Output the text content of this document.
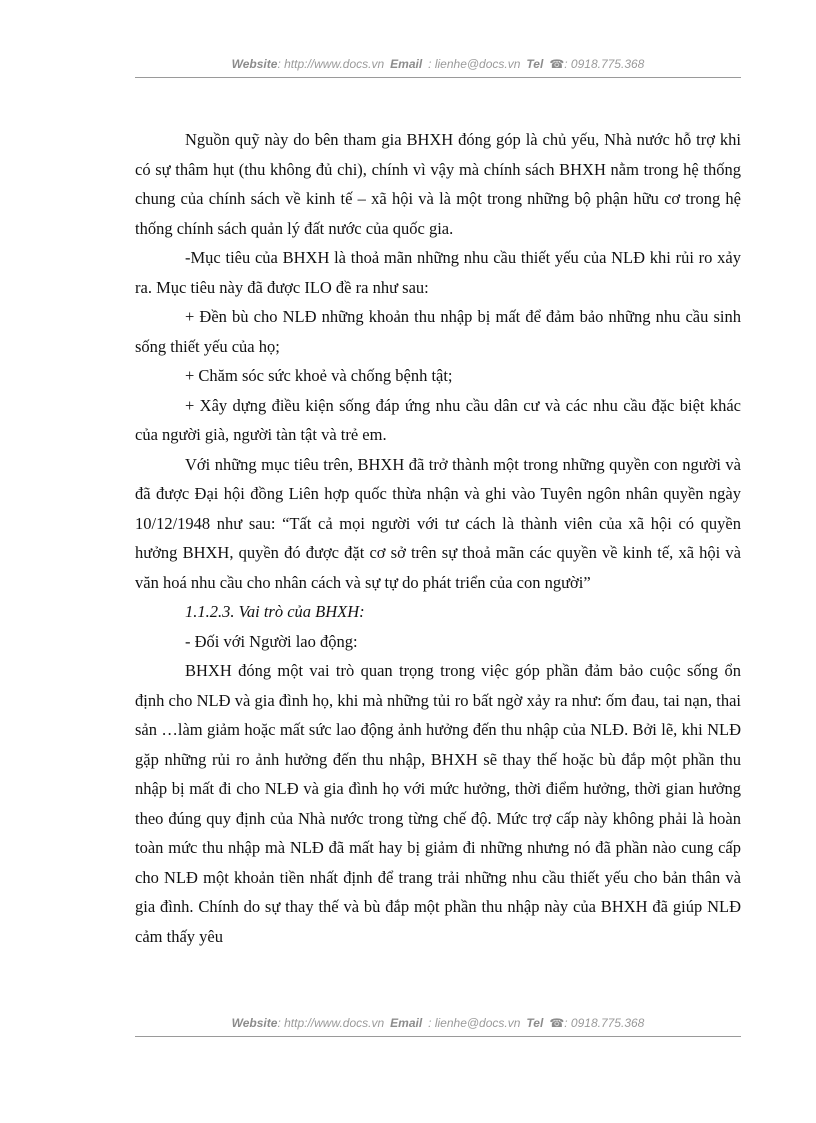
Website: http://www.docs.vn Email : lienhe@docs.vn Tel ☎: 0918.775.368

Nguồn quỹ này do bên tham gia BHXH đóng góp là chủ yếu, Nhà nước hỗ trợ khi có sự thâm hụt (thu không đủ chi), chính vì vậy mà chính sách BHXH nằm trong hệ thống chung của chính sách về kinh tế – xã hội và là một trong những bộ phận hữu cơ trong hệ thống chính sách quản lý đất nước của quốc gia.

-Mục tiêu của BHXH là thoả mãn những nhu cầu thiết yếu của NLĐ khi rủi ro xảy ra. Mục tiêu này đã được ILO đề ra như sau:

+ Đền bù cho NLĐ những khoản thu nhập bị mất để đảm bảo những nhu cầu sinh sống thiết yếu của họ;

+ Chăm sóc sức khoẻ và chống bệnh tật;

+ Xây dựng điều kiện sống đáp ứng nhu cầu dân cư và các nhu cầu đặc biệt khác của người già, người tàn tật và trẻ em.

Với những mục tiêu trên, BHXH đã trở thành một trong những quyền con người và đã được Đại hội đồng Liên hợp quốc thừa nhận và ghi vào Tuyên ngôn nhân quyền ngày 10/12/1948 như sau: “Tất cả mọi người với tư cách là thành viên của xã hội có quyền hưởng BHXH, quyền đó được đặt cơ sở trên sự thoả mãn các quyền về kinh tế, xã hội và văn hoá nhu cầu cho nhân cách và sự tự do phát triển của con người”

1.1.2.3. Vai trò của BHXH:

- Đối với Người lao động:

BHXH đóng một vai trò quan trọng trong việc góp phần đảm bảo cuộc sống ổn định cho NLĐ và gia đình họ, khi mà những tủi ro bất ngờ xảy ra như: ốm đau, tai nạn, thai sản …làm giảm hoặc mất sức lao động ảnh hưởng đến thu nhập của NLĐ. Bởi lẽ, khi NLĐ gặp những rủi ro ảnh hưởng đến thu nhập, BHXH sẽ thay thế hoặc bù đắp một phần thu nhập bị mất đi cho NLĐ và gia đình họ với mức hưởng, thời điểm hưởng, thời gian hưởng theo đúng quy định của Nhà nước trong từng chế độ. Mức trợ cấp này không phải là hoàn toàn mức thu nhập mà NLĐ đã mất hay bị giảm đi những nhưng nó đã phần nào cung cấp cho NLĐ một khoản tiền nhất định để trang trải những nhu cầu thiết yếu cho bản thân và gia đình. Chính do sự thay thế và bù đắp một phần thu nhập này của BHXH đã giúp NLĐ cảm thấy yêu

Website: http://www.docs.vn Email : lienhe@docs.vn Tel ☎: 0918.775.368
